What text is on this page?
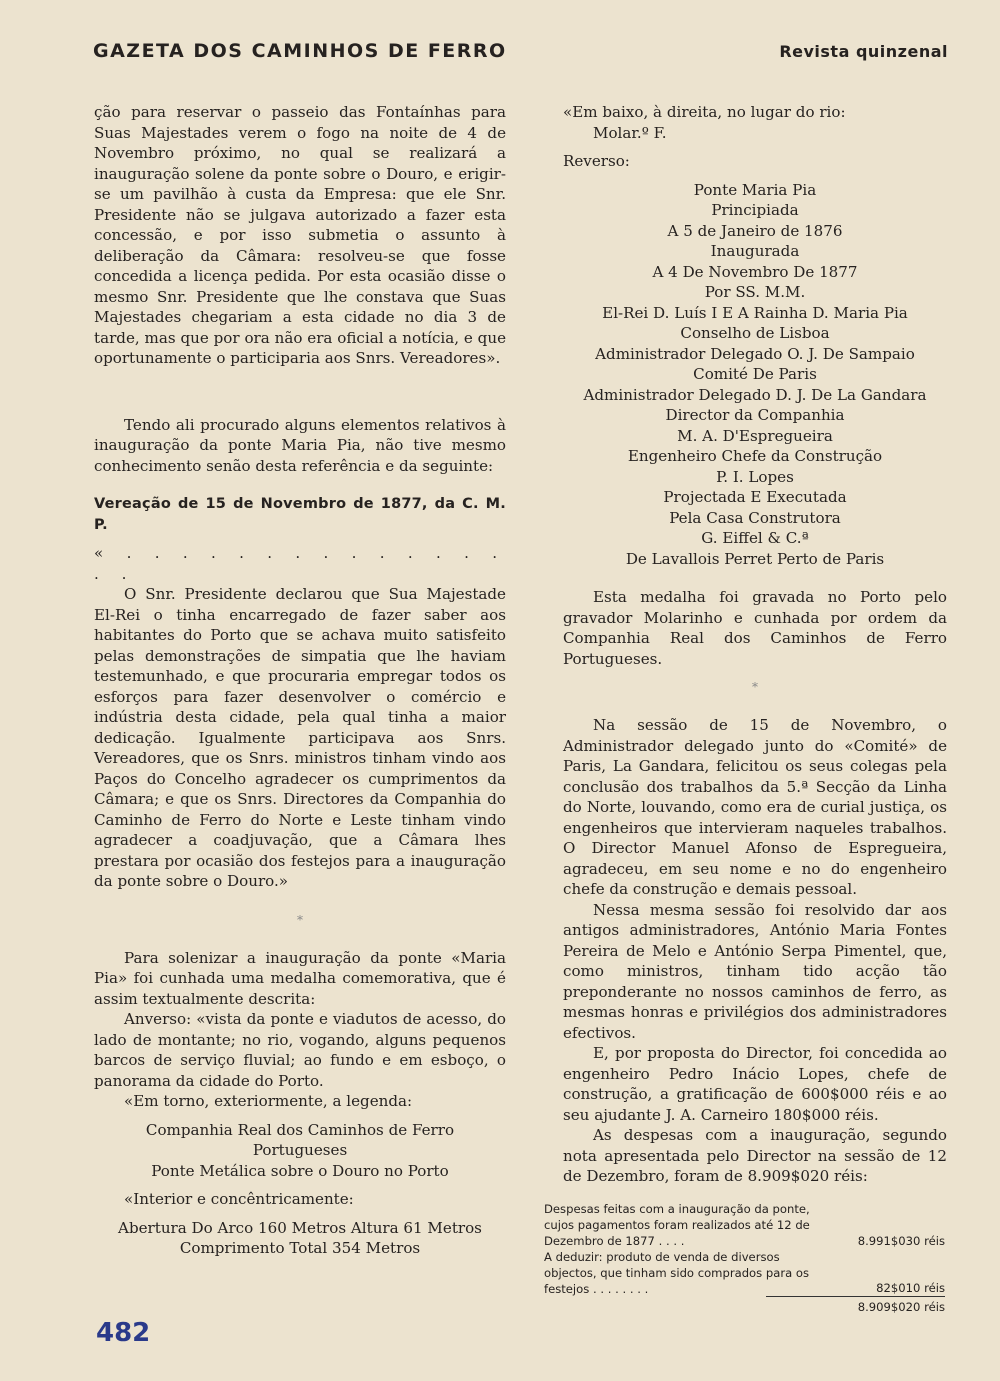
GAZETA DOS CAMINHOS DE FERRO	Revista quinzenal

ção para reservar o passeio das Fontaínhas para Suas Majestades verem o fogo na noite de 4 de Novembro próximo, no qual se realizará a inauguração solene da ponte sobre o Douro, e erigir-se um pavilhão à custa da Empresa: que ele Snr. Presidente não se julgava autorizado a fazer esta concessão, e por isso submetia o assunto à deliberação da Câmara: resolveu-se que fosse concedida a licença pedida. Por esta ocasião disse o mesmo Snr. Presidente que lhe constava que Suas Majestades chegariam a esta cidade no dia 3 de tarde, mas que por ora não era oficial a notícia, e que oportunamente o participaria aos Snrs. Vereadores».

Tendo ali procurado alguns elementos relativos à inauguração da ponte Maria Pia, não tive mesmo conhecimento senão desta referência e da seguinte:

Vereação de 15 de Novembro de 1877, da C. M. P.

« . . . . . . . . . . . . . . . .

O Snr. Presidente declarou que Sua Majestade El-Rei o tinha encarregado de fazer saber aos habitantes do Porto que se achava muito satisfeito pelas demonstrações de simpatia que lhe haviam testemunhado, e que procuraria empregar todos os esforços para fazer desenvolver o comércio e indústria desta cidade, pela qual tinha a maior dedicação. Igualmente participava aos Snrs. Vereadores, que os Snrs. ministros tinham vindo aos Paços do Concelho agradecer os cumprimentos da Câmara; e que os Snrs. Directores da Companhia do Caminho de Ferro do Norte e Leste tinham vindo agradecer a coadjuvação, que a Câmara lhes prestara por ocasião dos festejos para a inauguração da ponte sobre o Douro.»

*

Para solenizar a inauguração da ponte «Maria Pia» foi cunhada uma medalha comemorativa, que é assim textualmente descrita:

Anverso: «vista da ponte e viadutos de acesso, do lado de montante; no rio, vogando, alguns pequenos barcos de serviço fluvial; ao fundo e em esboço, o panorama da cidade do Porto.

«Em torno, exteriormente, a legenda:

Companhia Real dos Caminhos de Ferro

Portugueses

Ponte Metálica sobre o Douro no Porto

«Interior e concêntricamente:

Abertura Do Arco 160 Metros Altura 61 Metros

Comprimento Total 354 Metros

«Em baixo, à direita, no lugar do rio:

Molar.º F.

Reverso:

Ponte Maria Pia

Principiada

A 5 de Janeiro de 1876

Inaugurada

A 4 De Novembro De 1877

Por SS. M.M.

El-Rei D. Luís I E A Rainha D. Maria Pia

Conselho de Lisboa

Administrador Delegado O. J. De Sampaio

Comité De Paris

Administrador Delegado D. J. De La Gandara

Director da Companhia

M. A. D'Espregueira

Engenheiro Chefe da Construção

P. I. Lopes

Projectada E Executada

Pela Casa Construtora

G. Eiffel & C.ª

De Lavallois Perret Perto de Paris

Esta medalha foi gravada no Porto pelo gravador Molarinho e cunhada por ordem da Companhia Real dos Caminhos de Ferro Portugueses.

*

Na sessão de 15 de Novembro, o Administrador delegado junto do «Comité» de Paris, La Gandara, felicitou os seus colegas pela conclusão dos trabalhos da 5.ª Secção da Linha do Norte, louvando, como era de curial justiça, os engenheiros que intervieram naqueles trabalhos. O Director Manuel Afonso de Espregueira, agradeceu, em seu nome e no do engenheiro chefe da construção e demais pessoal.

Nessa mesma sessão foi resolvido dar aos antigos administradores, António Maria Fontes Pereira de Melo e António Serpa Pimentel, que, como ministros, tinham tido acção tão preponderante no nossos caminhos de ferro, as mesmas honras e privilégios dos administradores efectivos.

E, por proposta do Director, foi concedida ao engenheiro Pedro Inácio Lopes, chefe de construção, a gratificação de 600$000 réis e ao seu ajudante J. A. Carneiro 180$000 réis.

As despesas com a inauguração, segundo nota apresentada pelo Director na sessão de 12 de Dezembro, foram de 8.909$020 réis:

Despesas feitas com a inauguração da ponte, cujos pagamentos foram realizados até 12 de Dezembro de 1877 . . . .	8.991$030 réis
A deduzir: produto de venda de diversos objectos, que tinham sido comprados para os festejos . . . . . . . .	82$010 réis
8.909$020 réis
482
